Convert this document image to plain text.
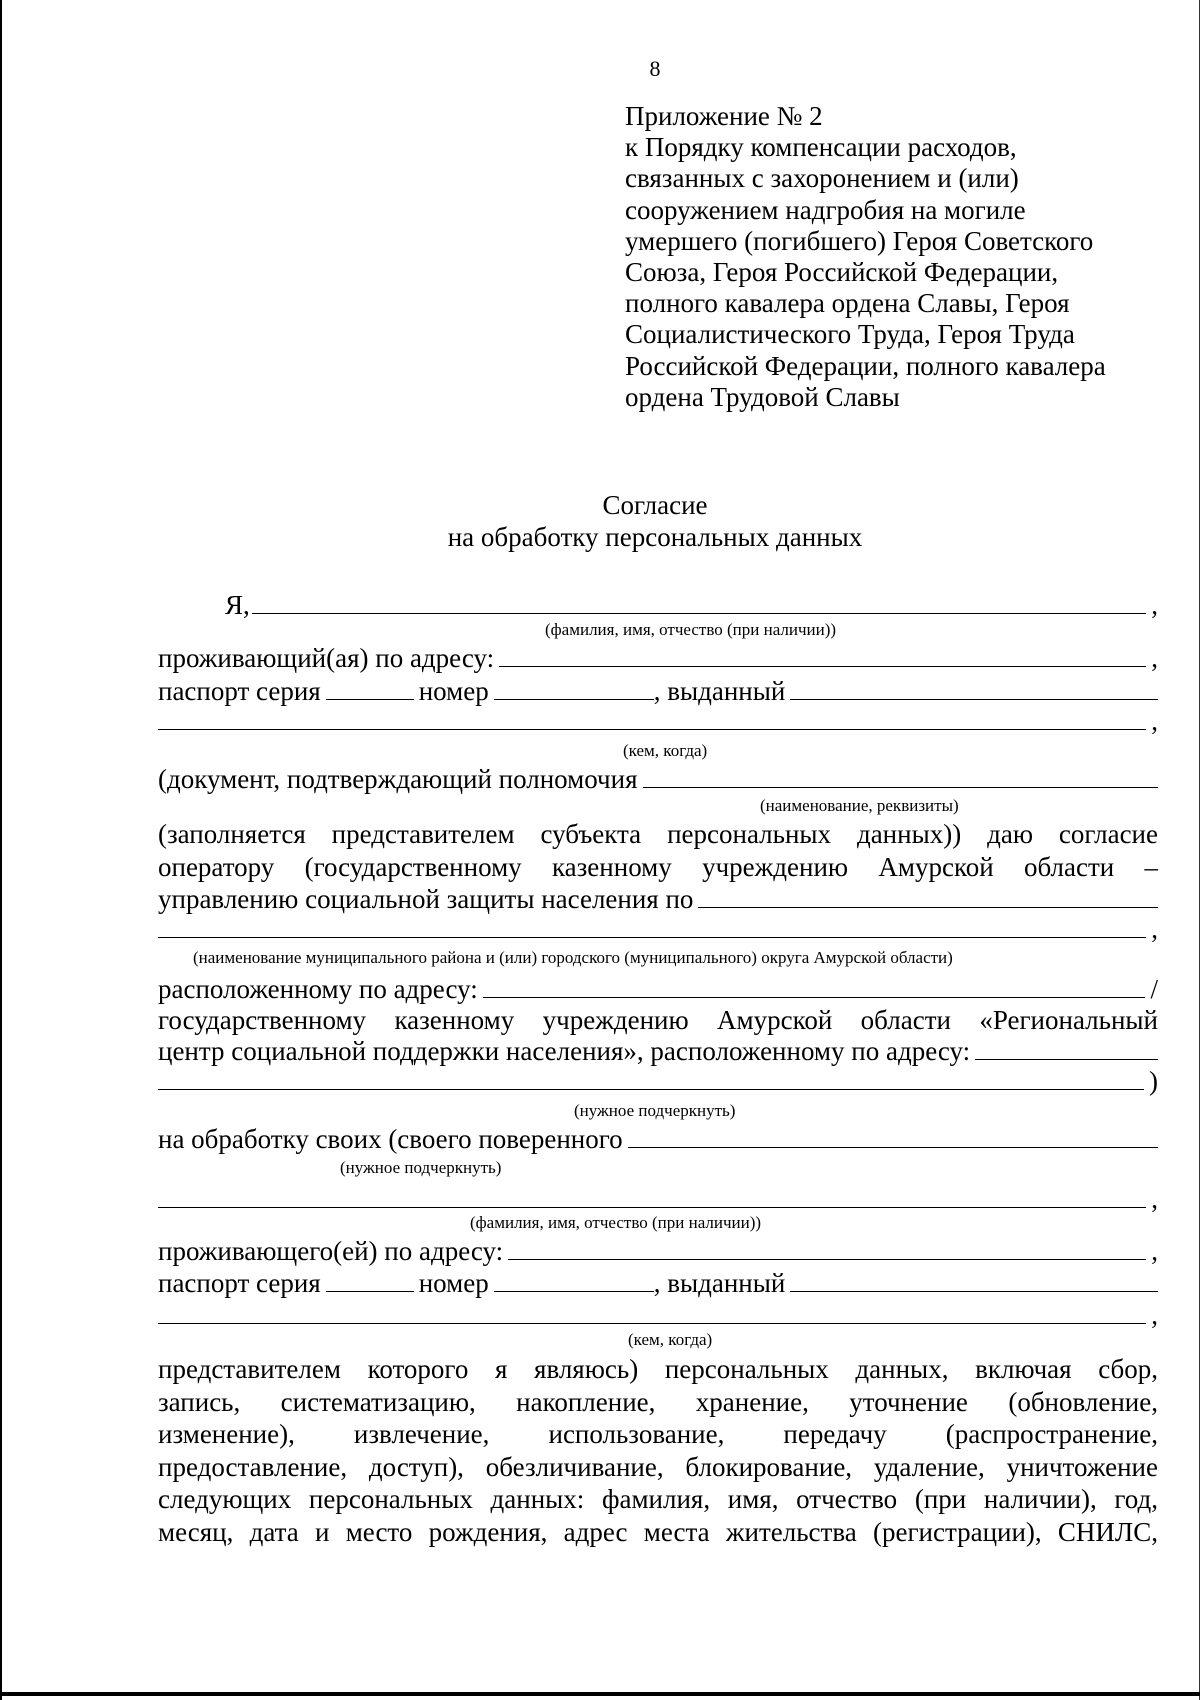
8
Приложение № 2
к Порядку компенсации расходов,
связанных с захоронением и (или)
сооружением надгробия на могиле
умершего (погибшего) Героя Советского
Союза, Героя Российской Федерации,
полного кавалера ордена Славы, Героя
Социалистического Труда, Героя Труда
Российской Федерации, полного кавалера
ордена Трудовой Славы
Согласие
на обработку персональных данных
Я,	,
(фамилия, имя, отчество (при наличии))
проживающий(ая) по адресу:	,
паспорт серия	номер	, выданный
,
(кем, когда)
(документ, подтверждающий полномочия
(наименование, реквизиты)
(заполняется представителем субъекта персональных данных)) даю согласие
оператору (государственному казенному учреждению Амурской области –
управлению социальной защиты населения по
,
(наименование муниципального района и (или) городского (муниципального) округа Амурской области)
расположенному по адресу:	/
государственному казенному учреждению Амурской области «Региональный
центр социальной поддержки населения», расположенному по адресу:
)
(нужное подчеркнуть)
на обработку своих (своего поверенного
(нужное подчеркнуть)
,
(фамилия, имя, отчество (при наличии))
проживающего(ей) по адресу:	,
паспорт серия	номер	, выданный
,
(кем, когда)
представителем которого я являюсь) персональных данных, включая сбор,
запись, систематизацию, накопление, хранение, уточнение (обновление,
изменение), извлечение, использование, передачу (распространение,
предоставление, доступ), обезличивание, блокирование, удаление, уничтожение
следующих персональных данных: фамилия, имя, отчество (при наличии), год,
месяц, дата и место рождения, адрес места жительства (регистрации), СНИЛС,
